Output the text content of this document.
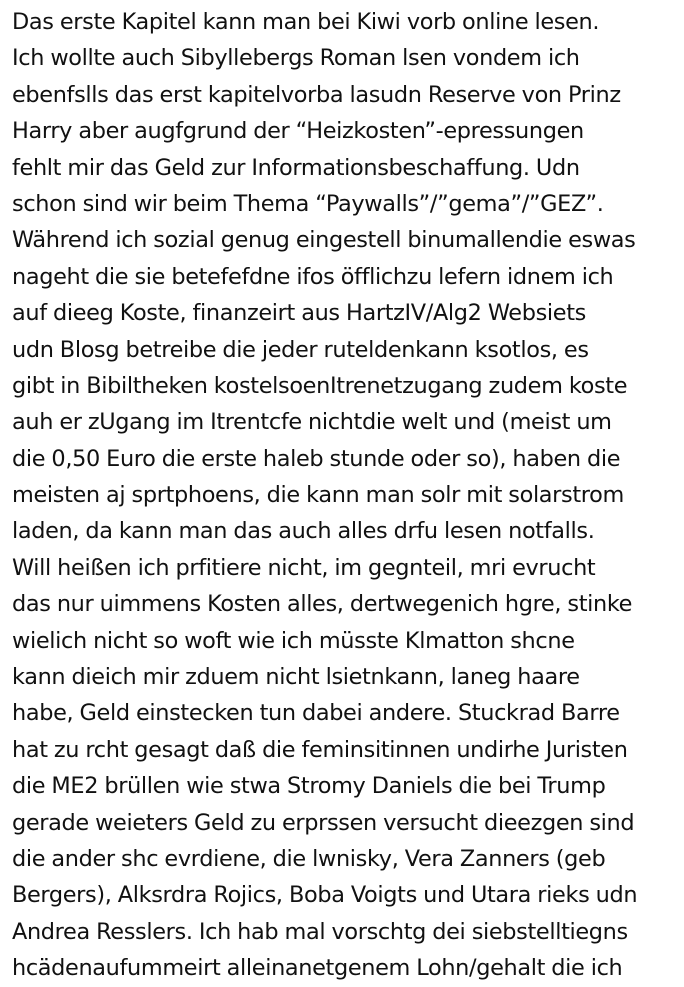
Das erste Kapitel kann man bei Kiwi vorb online lesen.
Ich wollte auch Sibyllebergs Roman lsen vondem ich
ebenfslls das erst kapitelvorba lasudn Reserve von Prinz
Harry aber augfgrund der “Heizkosten”-epressungen
fehlt mir das Geld zur Informationsbeschaffung. Udn
schon sind wir beim Thema “Paywalls”/”gema”/”GEZ”.
Während ich sozial genug eingestell binumallendie eswas
nageht die sie betefefdne ifos öfflichzu lefern idnem ich
auf dieeg Koste, finanzeirt aus HartzIV/Alg2 Websiets
udn Blosg betreibe die jeder ruteldenkann ksotlos, es
gibt in Bibiltheken kostelsoenItrenetzugang zudem koste
auh er zUgang im Itrentcfe nichtdie welt und (meist um
die 0,50 Euro die erste haleb stunde oder so), haben die
meisten aj sprtphoens, die kann man solr mit solarstrom
laden, da kann man das auch alles drfu lesen notfalls.
Will heißen ich prfitiere nicht, im gegnteil, mri evrucht
das nur uimmens Kosten alles, dertwegenich hgre, stinke
wielich nicht so woft wie ich müsste Klmatton shcne
kann dieich mir zduem nicht lsietnkann, laneg haare
habe, Geld einstecken tun dabei andere. Stuckrad Barre
hat zu rcht gesagt daß die feminsitinnen undirhe Juristen
die ME2 brüllen wie stwa Stromy Daniels die bei Trump
gerade weieters Geld zu erprssen versucht dieezgen sind
die ander shc evrdiene, die lwnisky, Vera Zanners (geb
Bergers), Alksrdra Rojics, Boba Voigts und Utara rieks udn
Andrea Resslers. Ich hab mal vorschtg dei siebstelltiegns
hcädenaufummeirt alleinanetgenem Lohn/gehalt die ich
